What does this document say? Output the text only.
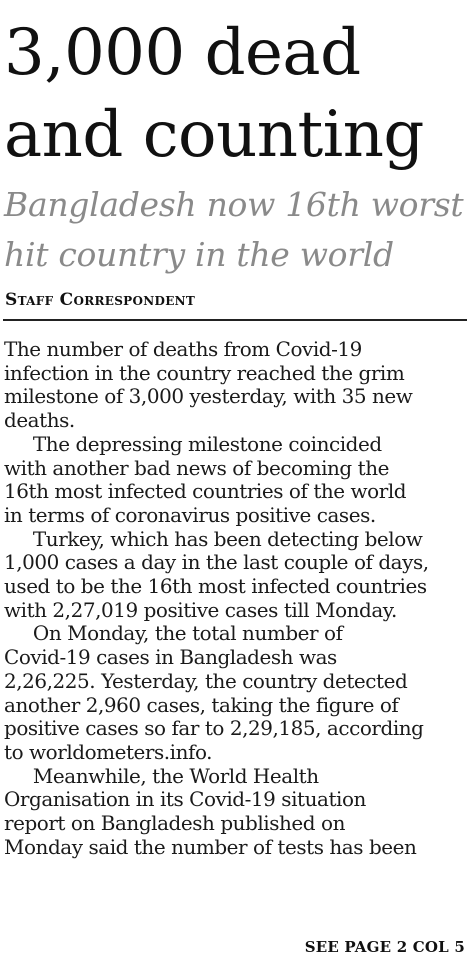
3,000 dead
and counting
Bangladesh now 16th worst
hit country in the world

Staff Correspondent

The number of deaths from Covid-19
infection in the country reached the grim
milestone of 3,000 yesterday, with 35 new
deaths.
The depressing milestone coincided
with another bad news of becoming the
16th most infected countries of the world
in terms of coronavirus positive cases.
Turkey, which has been detecting below
1,000 cases a day in the last couple of days,
used to be the 16th most infected countries
with 2,27,019 positive cases till Monday.
On Monday, the total number of
Covid-19 cases in Bangladesh was
2,26,225. Yesterday, the country detected
another 2,960 cases, taking the figure of
positive cases so far to 2,29,185, according
to worldometers.info.
Meanwhile, the World Health
Organisation in its Covid-19 situation
report on Bangladesh published on
Monday said the number of tests has been

SEE PAGE 2 COL 5
